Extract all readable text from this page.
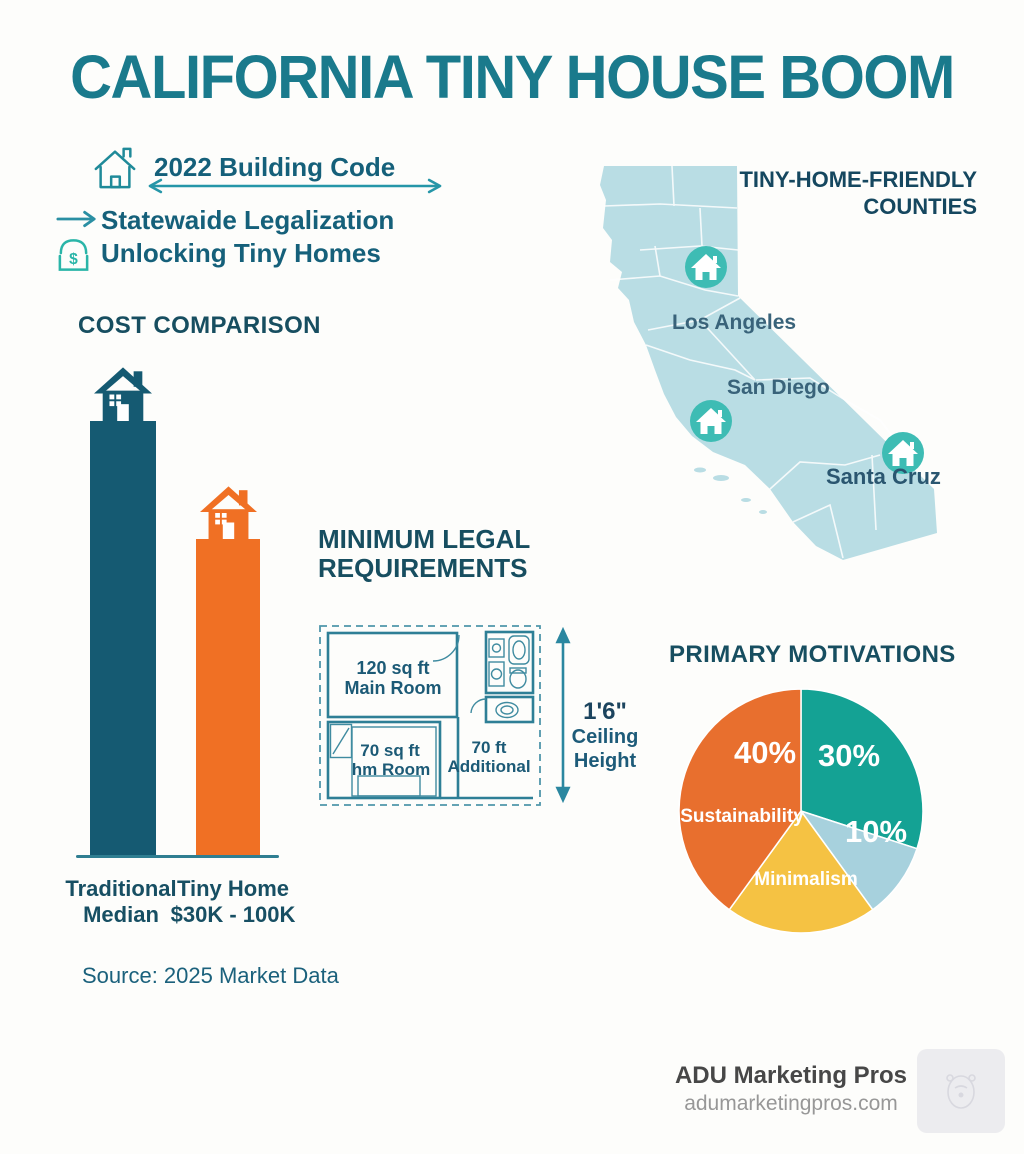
CALIFORNIA TINY HOUSE BOOM
2022 Building Code
Statewaide Legalization
$ Unlocking Tiny Homes
COST COMPARISON
Traditional
Median
Tiny Home
$30K - 100K
Source: 2025 Market Data
TINY-HOME-FRIENDLY
COUNTIES
Los Angeles
San Diego
Santa Cruz
MINIMUM LEGAL
REQUIREMENTS
120 sq ft
Main Room
70 sq ft
hm Room
70 ft
Additional
1'6"
Ceiling
Height
PRIMARY MOTIVATIONS
30%
10%
Minimalism
40%
Sustainability
ADU Marketing Pros
adumarketingpros.com
